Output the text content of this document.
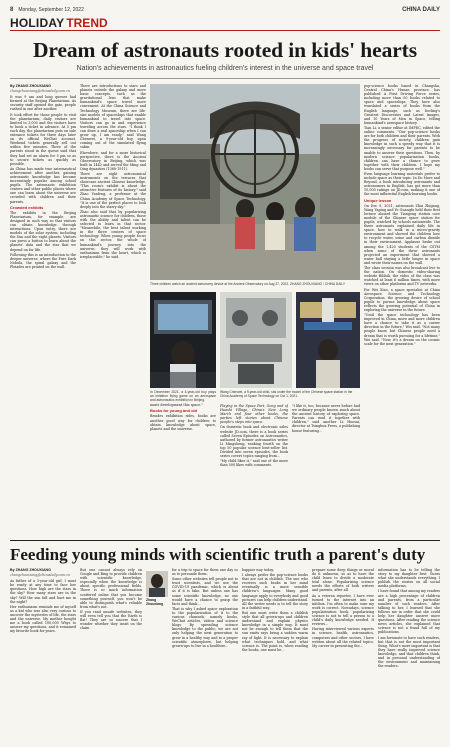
8 Monday, September 12, 2022	CHINA DAILY
HOLIDAY TREND
Dream of astronauts rooted in kids' hearts
Nation's achievements in astronautics fueling children's interest in the universe and space travel
By ZHANG ZHOUXIANG
zhangzhouxiang@chinadaily.com.cn

It was 9 am and long queues had formed at the Beijing Planetarium. As security staff opened the gate, people rushed in one after another.

It took effort for those people to visit the planetarium; daily visitors are limited to 3,000 and the visitors have to book a ticket in advance. At 5 pm each day, the planetarium puts on sale entrance tickets for three days later on its official WeChat account. Weekend tickets generally sell out within five minutes. Three of the parents stood in the queue said that they had set an alarm for 5 pm so as to secure tickets as quickly as possible.

As China has made true astronautical achievement after another, gaining astronautic knowledge has become increasingly popular among school pupils. The astronauts exhibition centers and other public places where one can learn about the universe are crowded with children and their parents.

Crowded exhibits

The exhibits in the Beijing Planetarium, for example, are designed in such way so that visitors can obtain knowledge through interactions. Upon entry, there are models of the solar system, including the Sun and the eight planets. Visitors can press a button to learn about the planets' data and the star that we depend on for life.

Following this is an introduction to the deeper universe, where the Pure Dark Nebula, the spiral galaxy and the Pleiades are printed on the wall.

There are introductions to stars and planets outside the galaxy and more basic concepts, such as the gravitational lens that make humankind's space travel more convenient. At the China Science and Technology Museum, there are life-size models of spaceships that enable humankind to travel into space. Visitors can go in and experience traveling across the stars. "I think I can draw a real spaceship when I can grow up, I am ready," said Wang Chenwei, a 9-year-old boy, upon coming out of the simulated flying cabin.

Elsewhere, and for a more historical perspective, there is the Ancient Observatory in Beijing, which was built in 1442 and served the Ming and Qing dynasties (1368-1911).

There are eight astronomical instruments on the terraces that showcase ancient Chinese knowledge. "This room's exhibit is about the attractive features of its history," said Zhao Yanfeng, a professor at the China Academy of Space Technology. "It is one of the perfect places to look deeply into the starry sky."

Zhao also said that by popularizing astronautic science for children, those with the ability and talent can be selected to learn in that sector. "Meanwhile, the best talent working in the three centers of space technology. When young people focus on this sector, the whole of humankind's journey into the universe, they will work with enthusiasm from the heart, which is irreplaceable," he said.

Three children watch an ancient astronomy device at the Ancient Observatory on Aug 27, 2022. ZHANG ZHOUXIANG / CHINA DAILY

pop-science books based in Changsha, Central China's Hunan province, has published A First Driving Force series, including more than 50 books related to space and spaceships. They have also translated a series of books from the English language, such as Dorling's Greatest Discoveries and Latest Images, and 10 Years of Men in Space, telling humankind's aerospace history.

Tian Li, a senior editor at IMPEC, edited the online comments. "Our pop-science books are for both children and their parents. With the progress of society, children gain knowledge in such a speedy way that it is increasingly necessary for parents to be unable to answer their questions. Then, by modern science popularization books, children can have a chance to grow together with their children. I hope my books can serve that purpose well."

Even language learning materials prefer to include space as their topic. In Do More and Beyond, a book introducing astronauts and astronomers in English, has got more than 10,000 ratings on JD.com, making it one of the most influential English-learning books.

Unique lesson

On Dec 9, 2021, astronauts Zhai Zhigang, Wang Yaping and Ye Guangfu held their first lecture aboard the Tiangong station core module of the Chinese space station for pupils, watched by schools nationwide. The three astronauts explained daily life in space, how to walk in a micro-gravity environment and showed the children how to recycle water, urine and carbon dioxide in their environment. Applause broke out among the 1,420 students of the CSTM when some of the three astronauts projected an experiment that showed a water ball staying a little longer in space and wrote their names on the wall.

The class session was also broadcast live to the nation. On domestic video-sharing website Bilibili, the video of the class was watched at least 6 million times, with more views on other platforms and TV networks.

For Wei Xiao, a space specialist at China Aerospace Science and Technology Corporation, the growing desire of school pupils to pursue knowledge about space reflects the growing potential of China in exploring the universe in the future.

"Until the space technology has been improved in China, more and more children have a chance to take it as a career direction in the future," Wei said. "Not many people know, but Chinese people need a dream that is worth pursuing for a lifetime," Wei said. "Now, it's a dream on the cosmic scale for the next generation."

In December 2021, a 4-year-old boy plays an imitation flying game on an aerospace and astronautics exhibition in Beijing.

nauts development this space."

Books for young and old

Besides exhibition rides, books are another good way for children to obtain knowledge about space, planets and the universe.

Wang Chenwei, a 9-year-old child, sits under the model of the Chinese space station in the China Academy of Space Technology on Oct 1, 2021.

Playing in the Space Port, Gong and of Huashi Village, China's New Long March and four other books, the parties left stories about Chinese people's steps into space.

On domestic book and electronic sales website JD.com, there is a book series called Seven Episodes on Astronautics, authored by former astronautics writer Li Mingsheng, ranking fourth on the top 50 popular science best-seller list. Divided into seven episodes, the book series covers topics ranging from...

"My child likes it," said one of the more than 500 likes with comments.

"I like it, too, because never before had we ordinary people known much about the ancient history of exploring space. Parents can read it together with children," said another Li Hoosai, director at Tsinghua Press, a publishing house featuring...

Feeding young minds with scientific truth a parent's duty
By ZHANG ZHOUXIANG
zhangzhouxiang@chinadaily.com.cn

As father of a 3-year-old girl, I must be ready at any time to face her questions. How high are the stars in the sky? How many stars are in the sky? Will the sun fall and hurt me in the night?

Her enthusiasm reminds me of myself as a kid who was also very curious to uncover the mysteries of life, the stars and the universe. My mother bought me a book called 100,000 Whys to answer my questions, and it remained my favorite book for years.

Zhang Zhouxiang

But one cannot always rely on Google and Bing to provide children with scientific knowledge, especially when the knowledge is about specific professional fields. There is so much information scattered online that you become something yourself, you won't be able to distinguish what's reliable from what's not.

If you read unsafe websites, they will even tell you that the Earth is flat! They are so sincere that I wonder whether they insist on the claim.

for a trip to space for them one day so as to persuade them.

Some other websites tell people not to trust scientists, and we use the COVID-19 pandemic, which is about as if it is fake. But unless one has some scientific knowledge, no one would have a chance to grasp the facts and think...

That is why I asked space exploration to the popularization of it to the various channels, namely books, WeChat articles, videos and science blogs. By spreading science knowledge to the public, we are not only helping the next generation to grow in a healthy way and to a proper scientific atmosphere, but helping grown-ups to live in a healthier...

happier way today.

I always prefer the pop-science books that are not in childish. The one who receives such books in her mind eventually is a more sensible children's languages. Many good language apply to everybody and good pictures can help children understand. All the writer needs is to tell the story in a faithful way.

But one must write them a childish style that all grown-ups and children understand and explain physics knowledge in a simple way. It must not be enough to tell them that the sun emits rays bring a sudden warm ray of light. It is necessary to explain what techniques hold, and what science is. The point is, when reading the books, one must be...

prepare some deep things or moral do it unknown, so as to have the child learn to divide a moderate trial alone. Popularizing science needs the efforts of both writers and parents, after all.

As a veteran reporter, I have ever turned to the internet into an infobox. I'm often to make sure my work is correct. Nowadays, science popularization book, popularizing science is not to tell a person to a child's daily knowledge needed. It reviews...

Having interviewed various experts in science, health, astronautics, computers and other sectors, I have written about all the related topics. My career in presenting the...

information has to be telling the story to my daughter first. Guess what she understands everything. I publish the stories on all social media platforms.

I have found that among my readers are a high percentage of children and parents, from a particular number of such readers. After talking to her, I learned that she follows me in order that she could help her daughter answer more questions. After reading the science news articles, she explained that science is not a fraud full of my publications.

I am fortunate to have such readers, but that is not the most important thing. What's more important is that they have really improved science knowledge, and that children think, and in personal understanding of the environment and maintaining the readers.
